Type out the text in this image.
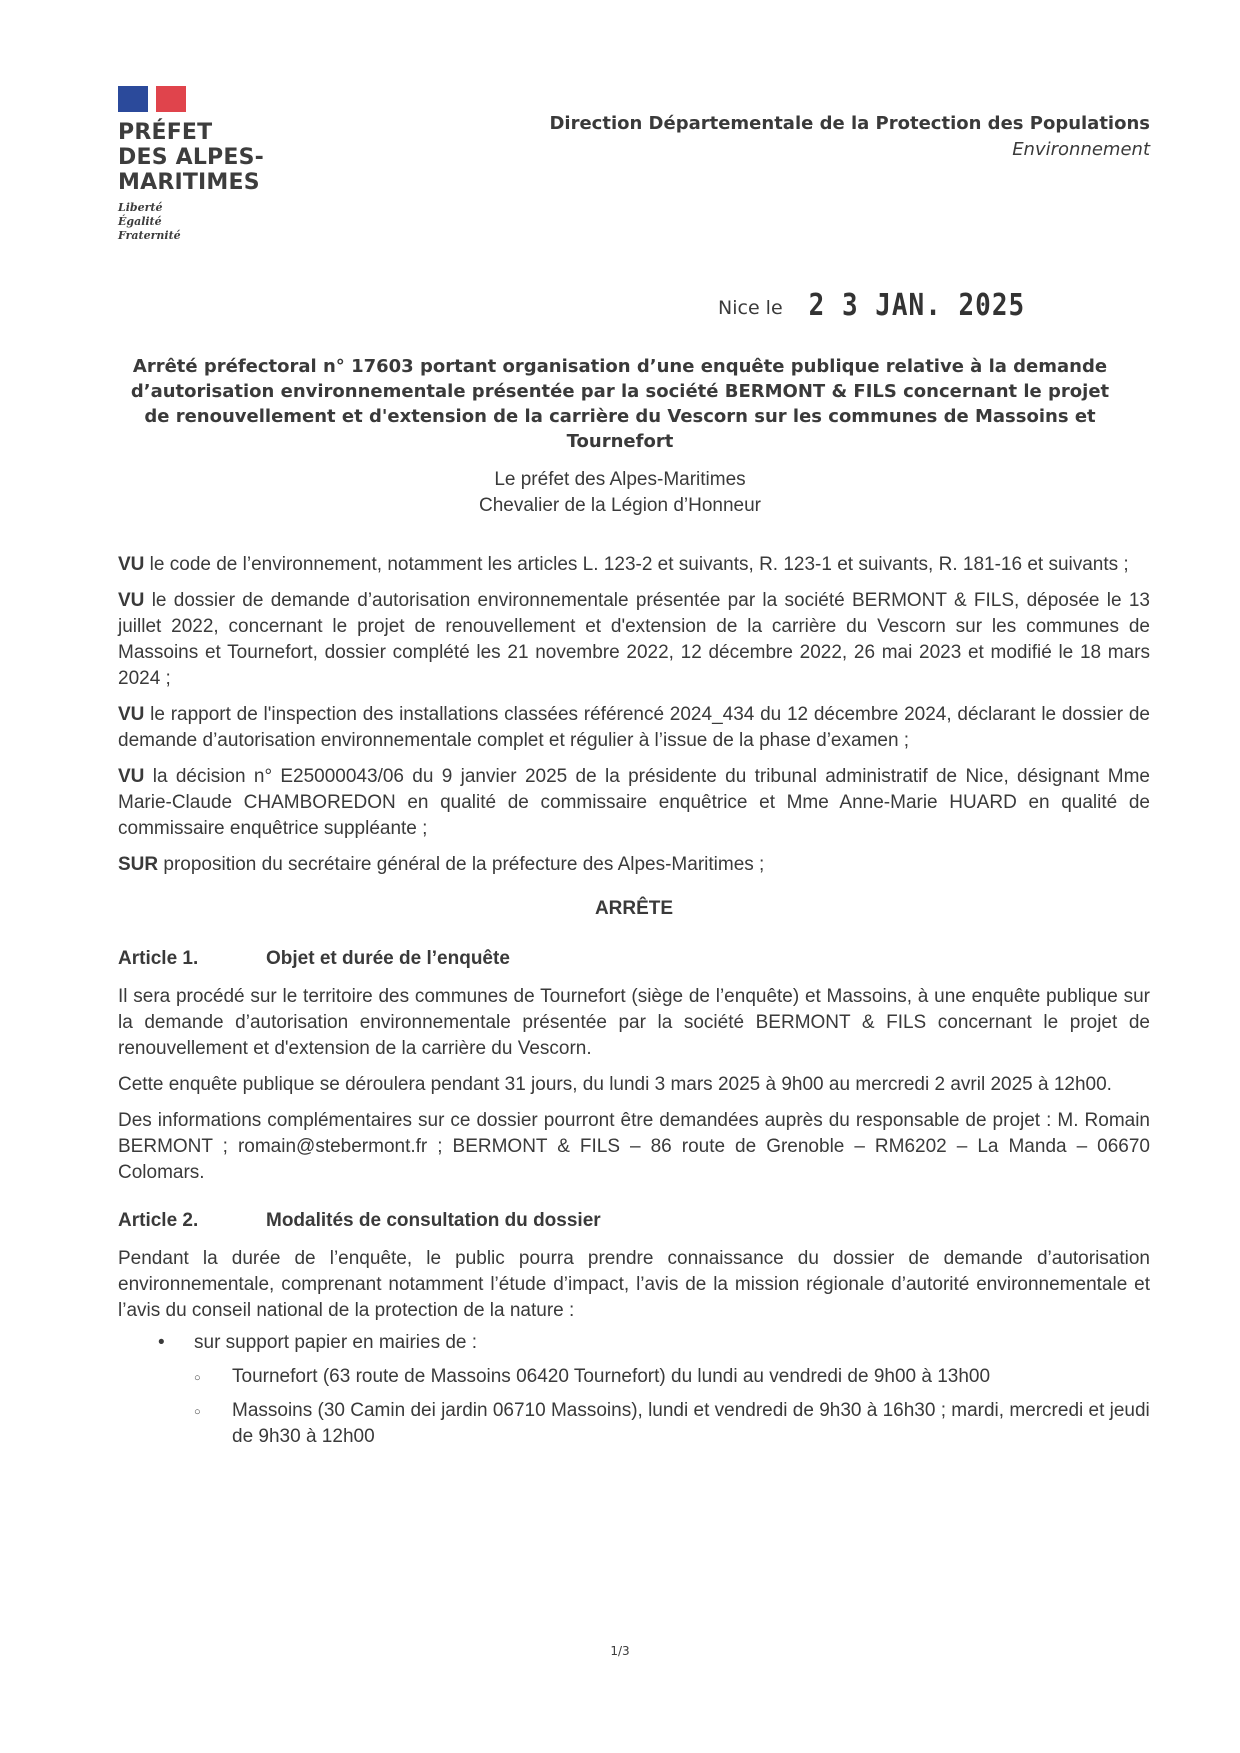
PRÉFET
DES ALPES-
MARITIMES
Liberté
Égalité
Fraternité
Direction Départementale de la Protection des Populations
Environnement
Nice le 2 3 JAN. 2025
Arrêté préfectoral n° 17603 portant organisation d’une enquête publique relative à la demande d’autorisation environnementale présentée par la société BERMONT & FILS concernant le projet de renouvellement et d'extension de la carrière du Vescorn sur les communes de Massoins et Tournefort
Le préfet des Alpes-Maritimes
Chevalier de la Légion d’Honneur

VU le code de l’environnement, notamment les articles L. 123-2 et suivants, R. 123-1 et suivants, R. 181-16 et suivants ;

VU le dossier de demande d’autorisation environnementale présentée par la société BERMONT & FILS, déposée le 13 juillet 2022, concernant le projet de renouvellement et d'extension de la carrière du Vescorn sur les communes de Massoins et Tournefort, dossier complété les 21 novembre 2022, 12 décembre 2022, 26 mai 2023 et modifié le 18 mars 2024 ;

VU le rapport de l'inspection des installations classées référencé 2024_434 du 12 décembre 2024, déclarant le dossier de demande d’autorisation environnementale complet et régulier à l’issue de la phase d’examen ;

VU la décision n° E25000043/06 du 9 janvier 2025 de la présidente du tribunal administratif de Nice, désignant Mme Marie-Claude CHAMBOREDON en qualité de commissaire enquêtrice et Mme Anne-Marie HUARD en qualité de commissaire enquêtrice suppléante ;

SUR proposition du secrétaire général de la préfecture des Alpes-Maritimes ;

ARRÊTE

Article 1.	Objet et durée de l’enquête

Il sera procédé sur le territoire des communes de Tournefort (siège de l’enquête) et Massoins, à une enquête publique sur la demande d’autorisation environnementale présentée par la société BERMONT & FILS concernant le projet de renouvellement et d'extension de la carrière du Vescorn.

Cette enquête publique se déroulera pendant 31 jours, du lundi 3 mars 2025 à 9h00 au mercredi 2 avril 2025 à 12h00.

Des informations complémentaires sur ce dossier pourront être demandées auprès du responsable de projet : M. Romain BERMONT ; romain@stebermont.fr ; BERMONT & FILS – 86 route de Grenoble – RM6202 – La Manda – 06670 Colomars.

Article 2.	Modalités de consultation du dossier

Pendant la durée de l’enquête, le public pourra prendre connaissance du dossier de demande d’autorisation environnementale, comprenant notamment l’étude d’impact, l’avis de la mission régionale d’autorité environnementale et l’avis du conseil national de la protection de la nature :

• sur support papier en mairies de :
○ Tournefort (63 route de Massoins 06420 Tournefort) du lundi au vendredi de 9h00 à 13h00
○ Massoins (30 Camin dei jardin 06710 Massoins), lundi et vendredi de 9h30 à 16h30 ; mardi, mercredi et jeudi de 9h30 à 12h00
1/3
